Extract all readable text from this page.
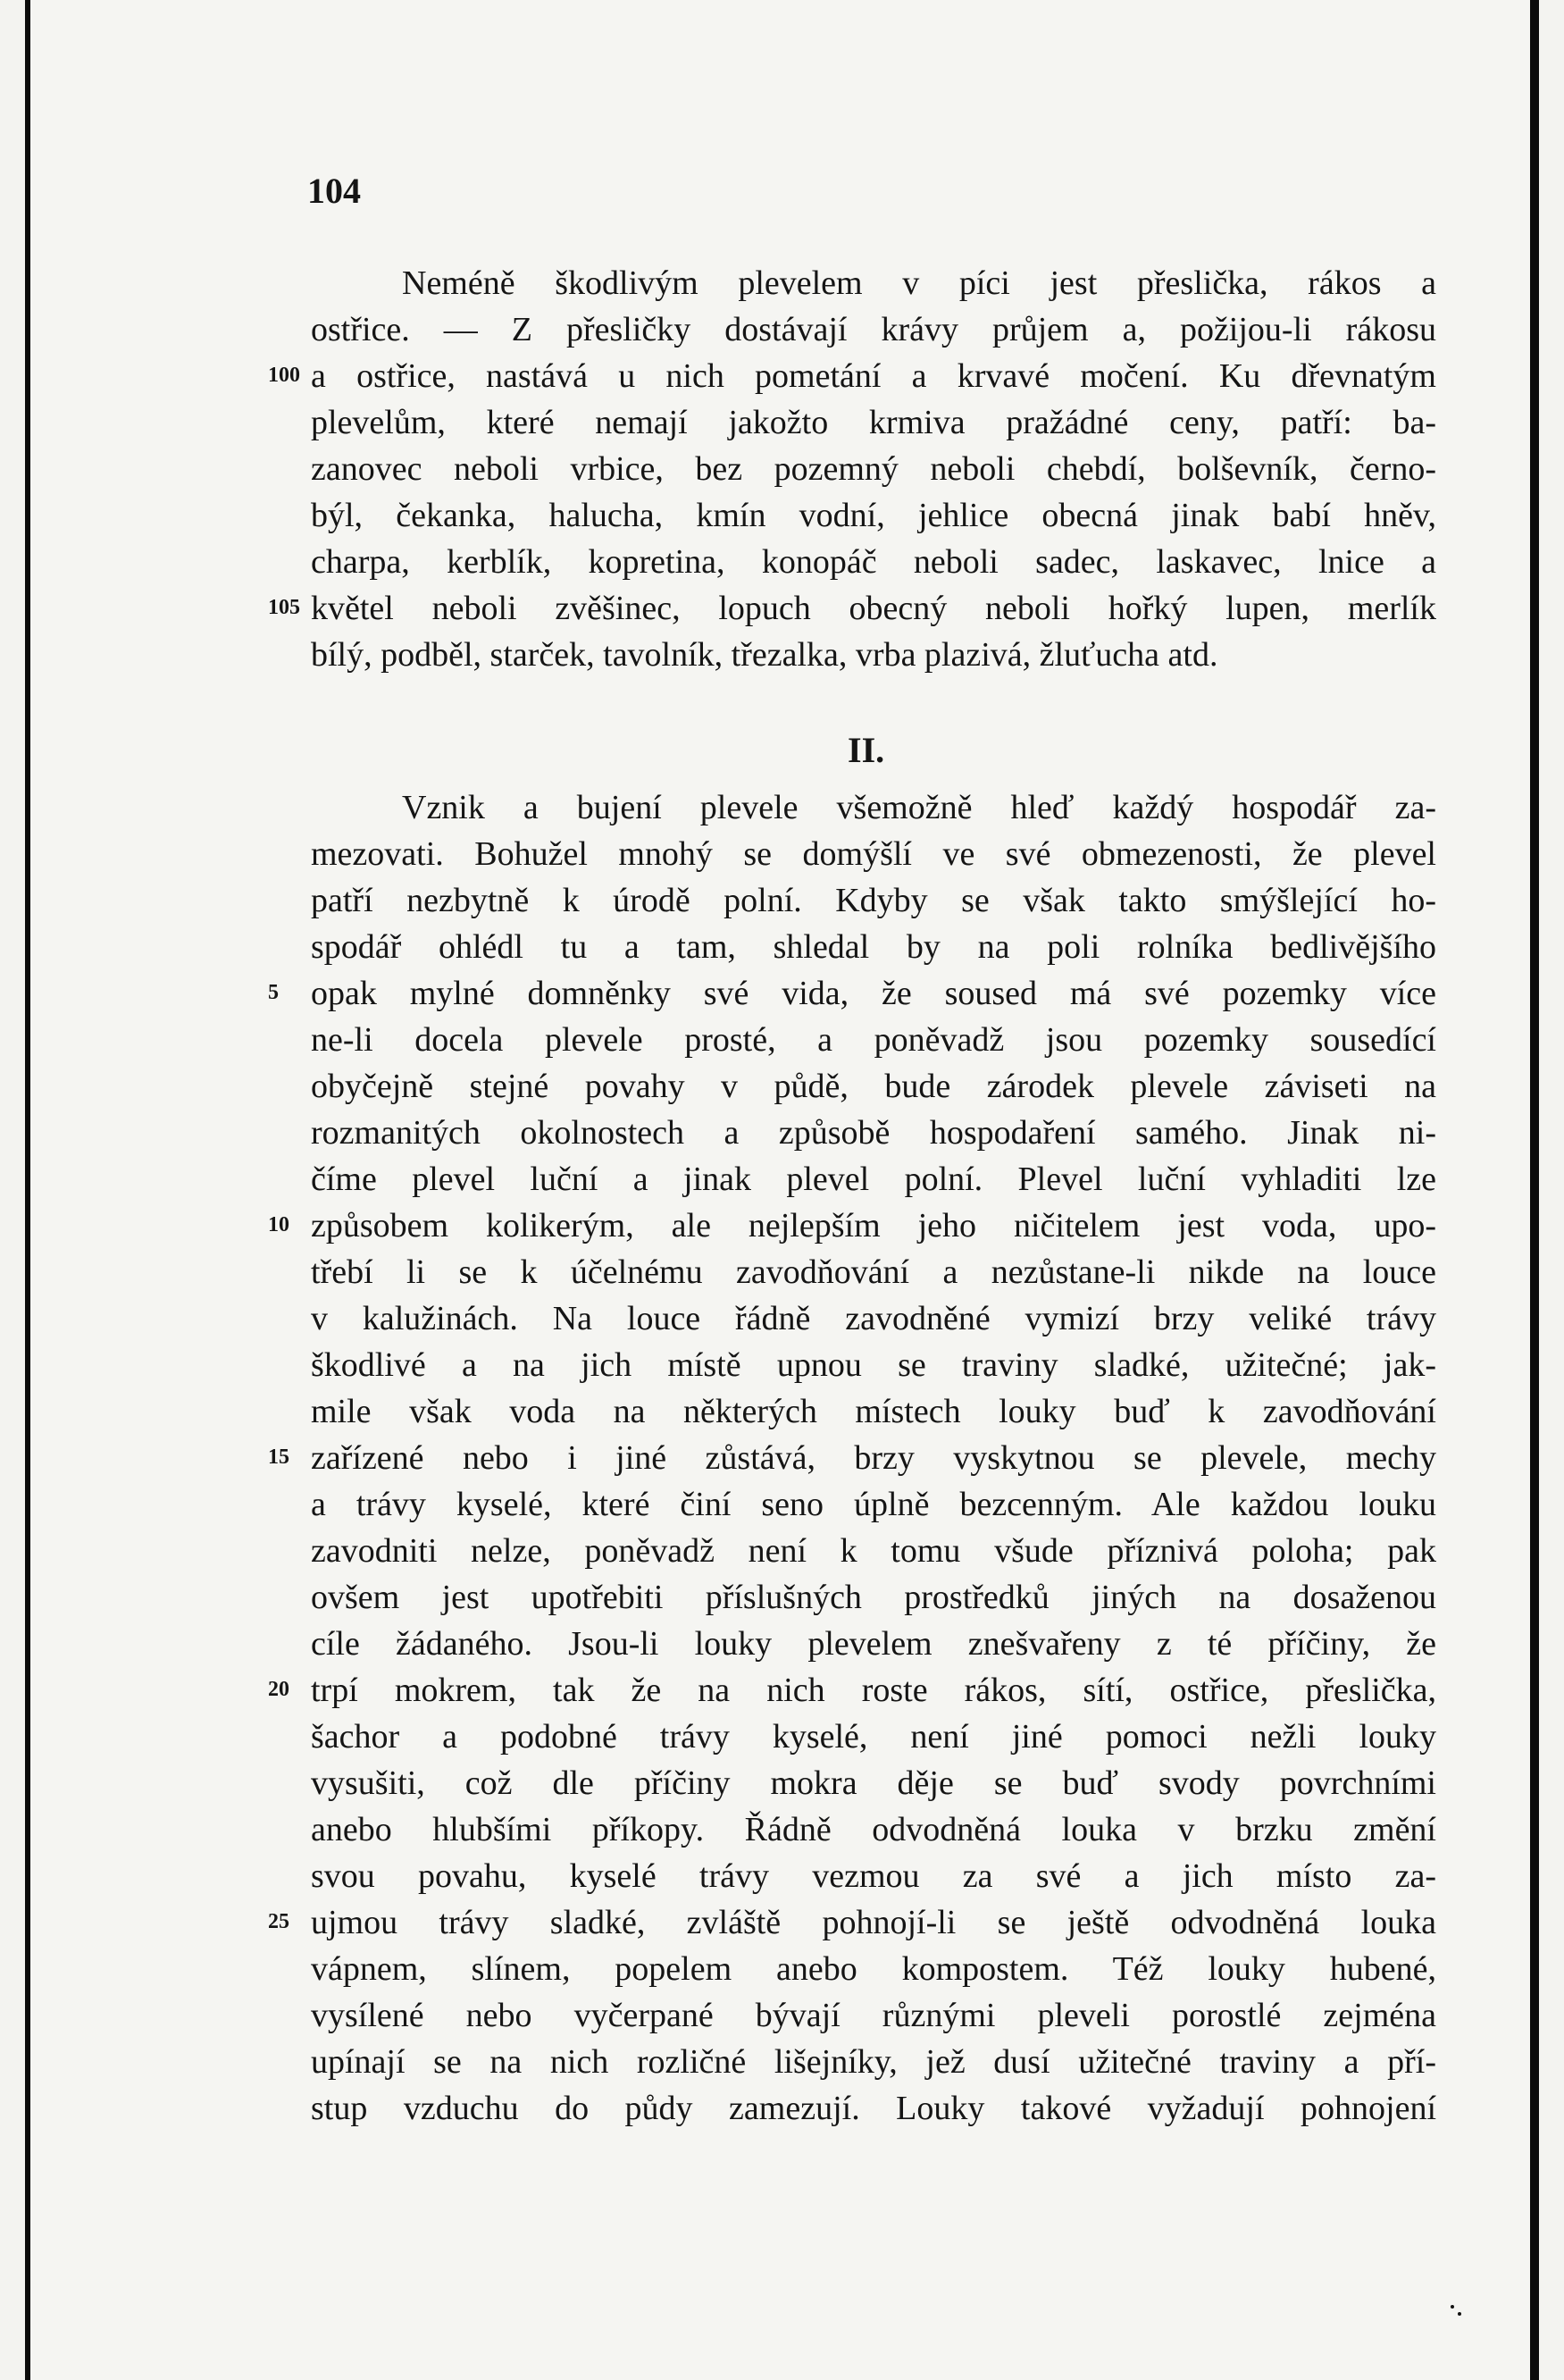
104
Neméně škodlivým plevelem v píci jest přeslička, rákos a
ostřice. — Z přesličky dostávají krávy průjem a, požijou-li rákosu
100 a ostřice, nastává u nich pometání a krvavé močení. Ku dřevnatým
plevelům, které nemají jakožto krmiva pražádné ceny, patří: ba-
zanovec neboli vrbice, bez pozemný neboli chebdí, bolševník, černo-
býl, čekanka, halucha, kmín vodní, jehlice obecná jinak babí hněv,
charpa, kerblík, kopretina, konopáč neboli sadec, laskavec, lnice a
105 květel neboli zvěšinec, lopuch obecný neboli hořký lupen, merlík
bílý, podběl, starček, tavolník, třezalka, vrba plazivá, žluťucha atd.
II.
Vznik a bujení plevele všemožně hleď každý hospodář za-
mezovati. Bohužel mnohý se domýšlí ve své obmezenosti, že plevel
patří nezbytně k úrodě polní. Kdyby se však takto smýšlející ho-
spodář ohlédl tu a tam, shledal by na poli rolníka bedlivějšího
5 opak mylné domněnky své vida, že soused má své pozemky více
ne-li docela plevele prosté, a poněvadž jsou pozemky sousedící
obyčejně stejné povahy v půdě, bude zárodek plevele záviseti na
rozmanitých okolnostech a způsobě hospodaření samého. Jinak ni-
číme plevel luční a jinak plevel polní. Plevel luční vyhladiti lze
10 způsobem kolikerým, ale nejlepším jeho ničitelem jest voda, upo-
třebí li se k účelnému zavodňování a nezůstane-li nikde na louce
v kalužinách. Na louce řádně zavodněné vymizí brzy veliké trávy
škodlivé a na jich místě upnou se traviny sladké, užitečné; jak-
mile však voda na některých místech louky buď k zavodňování
15 zařízené nebo i jiné zůstává, brzy vyskytnou se plevele, mechy
a trávy kyselé, které činí seno úplně bezcenným. Ale každou louku
zavodniti nelze, poněvadž není k tomu všude příznivá poloha; pak
ovšem jest upotřebiti příslušných prostředků jiných na dosaženou
cíle žádaného. Jsou-li louky plevelem znešvařeny z té příčiny, že
20 trpí mokrem, tak že na nich roste rákos, sítí, ostřice, přeslička,
šachor a podobné trávy kyselé, není jiné pomoci nežli louky
vysušiti, což dle příčiny mokra děje se buď svody povrchními
anebo hlubšími příkopy. Řádně odvodněná louka v brzku změní
svou povahu, kyselé trávy vezmou za své a jich místo za-
25 ujmou trávy sladké, zvláště pohnojí-li se ještě odvodněná louka
vápnem, slínem, popelem anebo kompostem. Též louky hubené,
vysílené nebo vyčerpané bývají různými pleveli porostlé zejména
upínají se na nich rozličné lišejníky, jež dusí užitečné traviny a pří-
stup vzduchu do půdy zamezují. Louky takové vyžadují pohnojení
